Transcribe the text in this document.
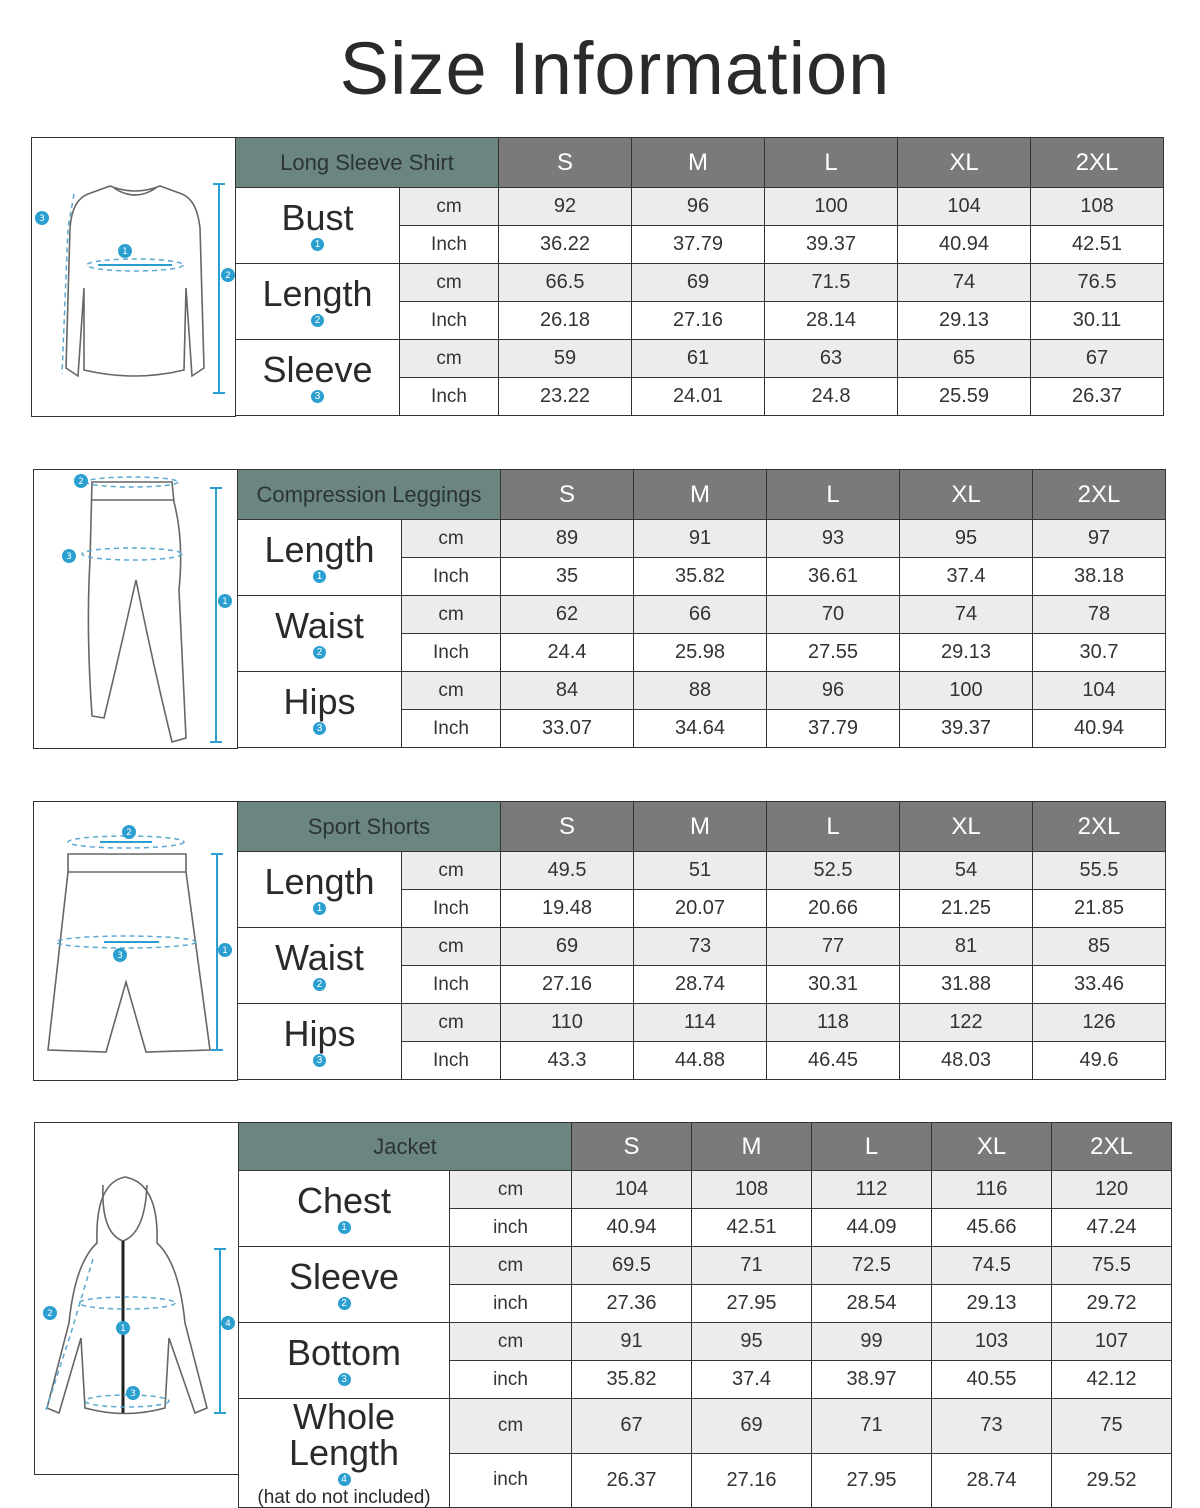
Size Information
1
2
3
Long Sleeve Shirt		S	M	L	XL	2XL
Bust
1	cm	92	96	100	104	108
	Inch	36.22	37.79	39.37	40.94	42.51
Length
2	cm	66.5	69	71.5	74	76.5
	Inch	26.18	27.16	28.14	29.13	30.11
Sleeve
3	cm	59	61	63	65	67
	Inch	23.22	24.01	24.8	25.59	26.37
2
3
1
Compression Leggings		S	M	L	XL	2XL
Length
1	cm	89	91	93	95	97
	Inch	35	35.82	36.61	37.4	38.18
Waist
2	cm	62	66	70	74	78
	Inch	24.4	25.98	27.55	29.13	30.7
Hips
3	cm	84	88	96	100	104
	Inch	33.07	34.64	37.79	39.37	40.94
2
3	1
Sport Shorts		S	M	L	XL	2XL
Length
1	cm	49.5	51	52.5	54	55.5
	Inch	19.48	20.07	20.66	21.25	21.85
Waist
2	cm	69	73	77	81	85
	Inch	27.16	28.74	30.31	31.88	33.46
Hips
3	cm	110	114	118	122	126
	Inch	43.3	44.88	46.45	48.03	49.6
1
3
2
4
Jacket		S	M	L	XL	2XL
Chest
1	cm	104	108	112	116	120
	inch	40.94	42.51	44.09	45.66	47.24
Sleeve
2	cm	69.5	71	72.5	74.5	75.5
	inch	27.36	27.95	28.54	29.13	29.72
Bottom
3	cm	91	95	99	103	107
	inch	35.82	37.4	38.97	40.55	42.12
Whole Length
4
(hat do not included)	cm	67	69	71	73	75
	inch	26.37	27.16	27.95	28.74	29.52
